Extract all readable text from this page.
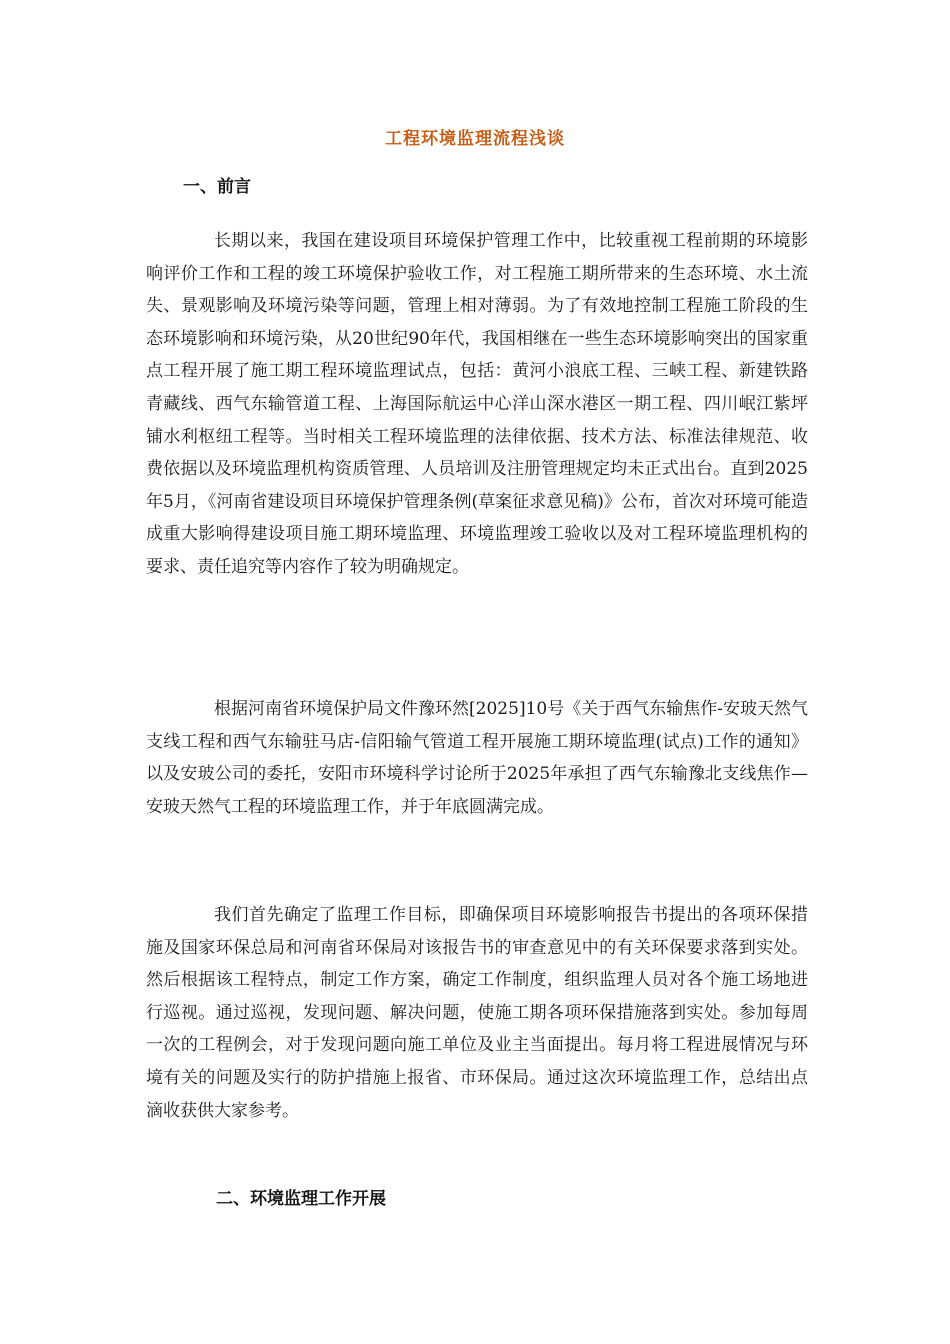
工程环境监理流程浅谈
一、前言

长期以来，我国在建设项目环境保护管理工作中，比较重视工程前期的环境影响评价工作和工程的竣工环境保护验收工作，对工程施工期所带来的生态环境、水土流失、景观影响及环境污染等问题，管理上相对薄弱。为了有效地控制工程施工阶段的生态环境影响和环境污染，从20世纪90年代，我国相继在一些生态环境影响突出的国家重点工程开展了施工期工程环境监理试点，包括：黄河小浪底工程、三峡工程、新建铁路青藏线、西气东输管道工程、上海国际航运中心洋山深水港区一期工程、四川岷江紫坪铺水利枢纽工程等。当时相关工程环境监理的法律依据、技术方法、标准法律规范、收费依据以及环境监理机构资质管理、人员培训及注册管理规定均未正式出台。直到2025年5月，《河南省建设项目环境保护管理条例(草案征求意见稿)》公布，首次对环境可能造成重大影响得建设项目施工期环境监理、环境监理竣工验收以及对工程环境监理机构的要求、责任追究等内容作了较为明确规定。

根据河南省环境保护局文件豫环然[2025]10号《关于西气东输焦作-安玻天然气支线工程和西气东输驻马店-信阳输气管道工程开展施工期环境监理(试点)工作的通知》以及安玻公司的委托，安阳市环境科学讨论所于2025年承担了西气东输豫北支线焦作—安玻天然气工程的环境监理工作，并于年底圆满完成。

我们首先确定了监理工作目标，即确保项目环境影响报告书提出的各项环保措施及国家环保总局和河南省环保局对该报告书的审查意见中的有关环保要求落到实处。然后根据该工程特点，制定工作方案，确定工作制度，组织监理人员对各个施工场地进行巡视。通过巡视，发现问题、解决问题，使施工期各项环保措施落到实处。参加每周一次的工程例会，对于发现问题向施工单位及业主当面提出。每月将工程进展情况与环境有关的问题及实行的防护措施上报省、市环保局。通过这次环境监理工作，总结出点滴收获供大家参考。

二、环境监理工作开展
